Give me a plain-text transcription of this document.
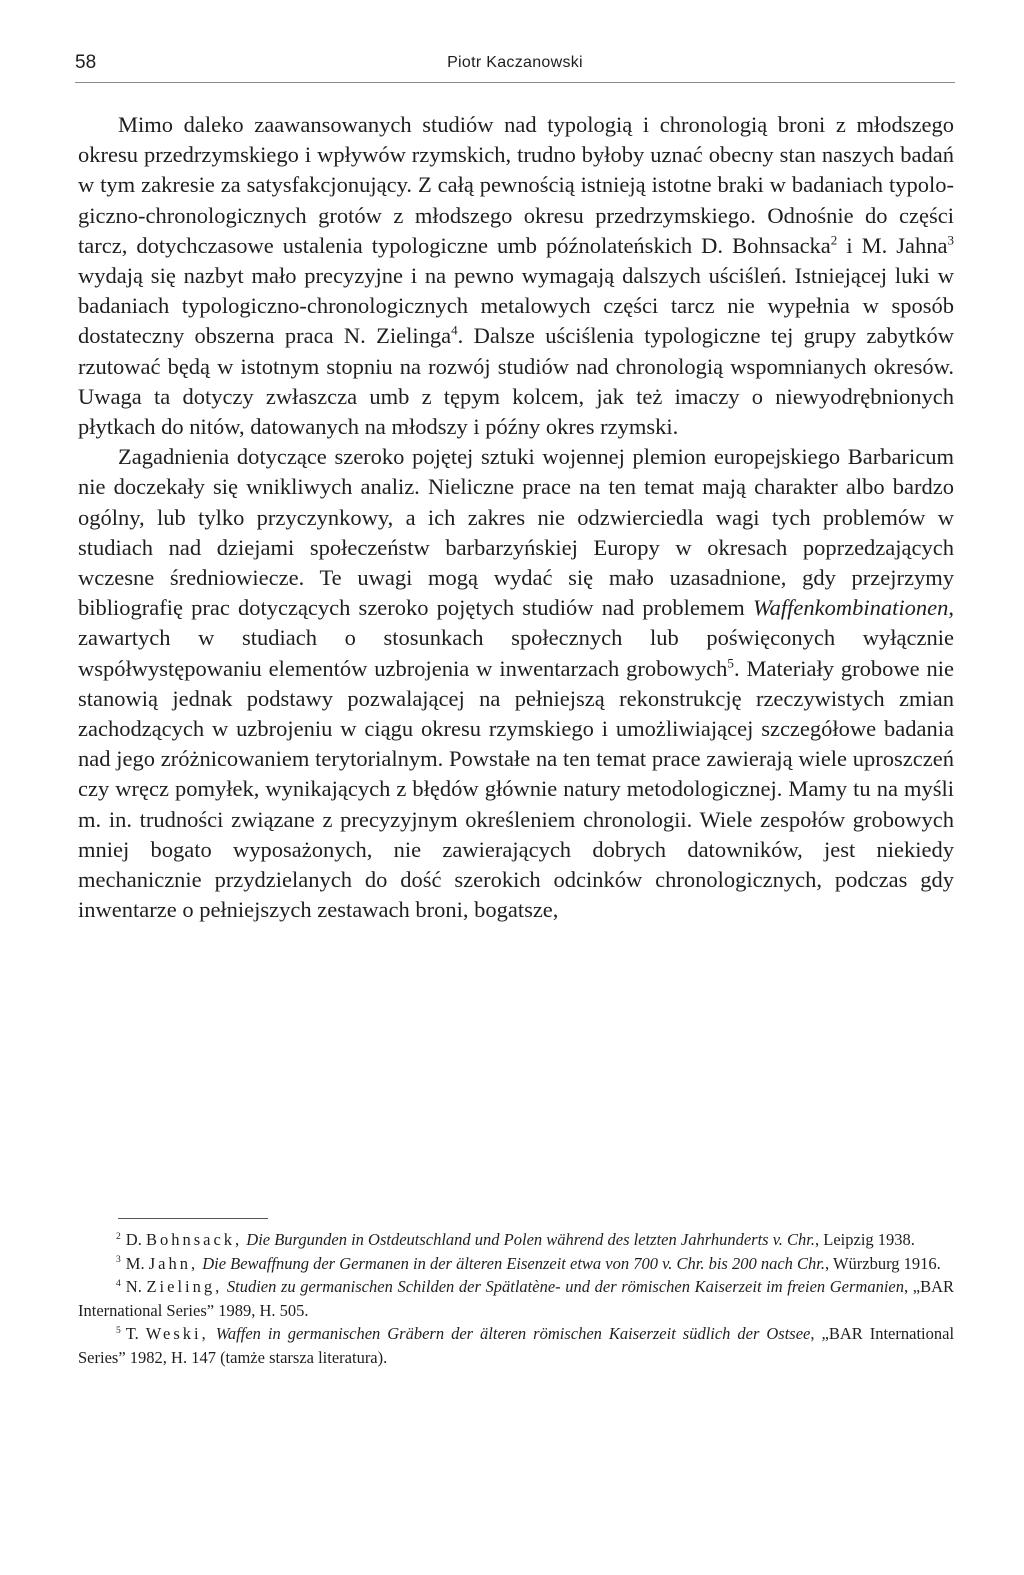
58	Piotr Kaczanowski

Mimo daleko zaawansowanych studiów nad typologią i chronologią broni z młodszego okresu przedrzymskiego i wpływów rzymskich, trudno byłoby uznać obecny stan naszych badań w tym zakresie za satysfakcjonujący. Z całą pewnością istnieją istotne braki w badaniach typologiczno-chronologicznych grotów z młodszego okresu przedrzymskiego. Odnośnie do części tarcz, dotychczasowe ustalenia typologiczne umb późnolateńskich D. Bohnsacka$^2$ i M. Jahna$^3$ wydają się nazbyt mało precyzyjne i na pewno wymagają dalszych uściśleń. Istniejącej luki w badaniach typologiczno-chronologicznych metalowych części tarcz nie wypełnia w sposób dostateczny obszerna praca N. Zielinga$^4$. Dalsze uściślenia typologiczne tej grupy zabytków rzutować będą w istotnym stopniu na rozwój studiów nad chronologią wspomnianych okresów. Uwaga ta dotyczy zwłaszcza umb z tępym kolcem, jak też imaczy o niewyodrębnionych płytkach do nitów, datowanych na młodszy i późny okres rzymski.

Zagadnienia dotyczące szeroko pojętej sztuki wojennej plemion europejskiego Barbaricum nie doczekały się wnikliwych analiz. Nieliczne prace na ten temat mają charakter albo bardzo ogólny, lub tylko przyczynkowy, a ich zakres nie odzwierciedla wagi tych problemów w studiach nad dziejami społeczeństw barbarzyńskiej Europy w okresach poprzedzających wczesne średniowiecze. Te uwagi mogą wydać się mało uzasadnione, gdy przejrzymy bibliografię prac dotyczących szeroko pojętych studiów nad problemem Waffenkombinationen, zawartych w studiach o stosunkach społecznych lub poświęconych wyłącznie współwystępowaniu elementów uzbrojenia w inwentarzach grobowych$^5$. Materiały grobowe nie stanowią jednak podstawy pozwalającej na pełniejszą rekonstrukcję rzeczywistych zmian zachodzących w uzbrojeniu w ciągu okresu rzymskiego i umożliwiającej szczegółowe badania nad jego zróżnicowaniem terytorialnym. Powstałe na ten temat prace zawierają wiele uproszczeń czy wręcz pomyłek, wynikających z błędów głównie natury metodologicznej. Mamy tu na myśli m. in. trudności związane z precyzyjnym określeniem chronologii. Wiele zespołów grobowych mniej bogato wyposażonych, nie zawierających dobrych datowników, jest niekiedy mechanicznie przydzielanych do dość szerokich odcinków chronologicznych, podczas gdy inwentarze o pełniejszych zestawach broni, bogatsze,

$^2$ D. Bohnsack, Die Burgunden in Ostdeutschland und Polen während des letzten Jahrhunderts v. Chr., Leipzig 1938.

$^3$ M. Jahn, Die Bewaffnung der Germanen in der älteren Eisenzeit etwa von 700 v. Chr. bis 200 nach Chr., Würzburg 1916.

$^4$ N. Zieling, Studien zu germanischen Schilden der Spätlatène- und der römischen Kaiserzeit im freien Germanien, „BAR International Series” 1989, H. 505.

$^5$ T. Weski, Waffen in germanischen Gräbern der älteren römischen Kaiserzeit südlich der Ostsee, „BAR International Series” 1982, H. 147 (tamże starsza literatura).
